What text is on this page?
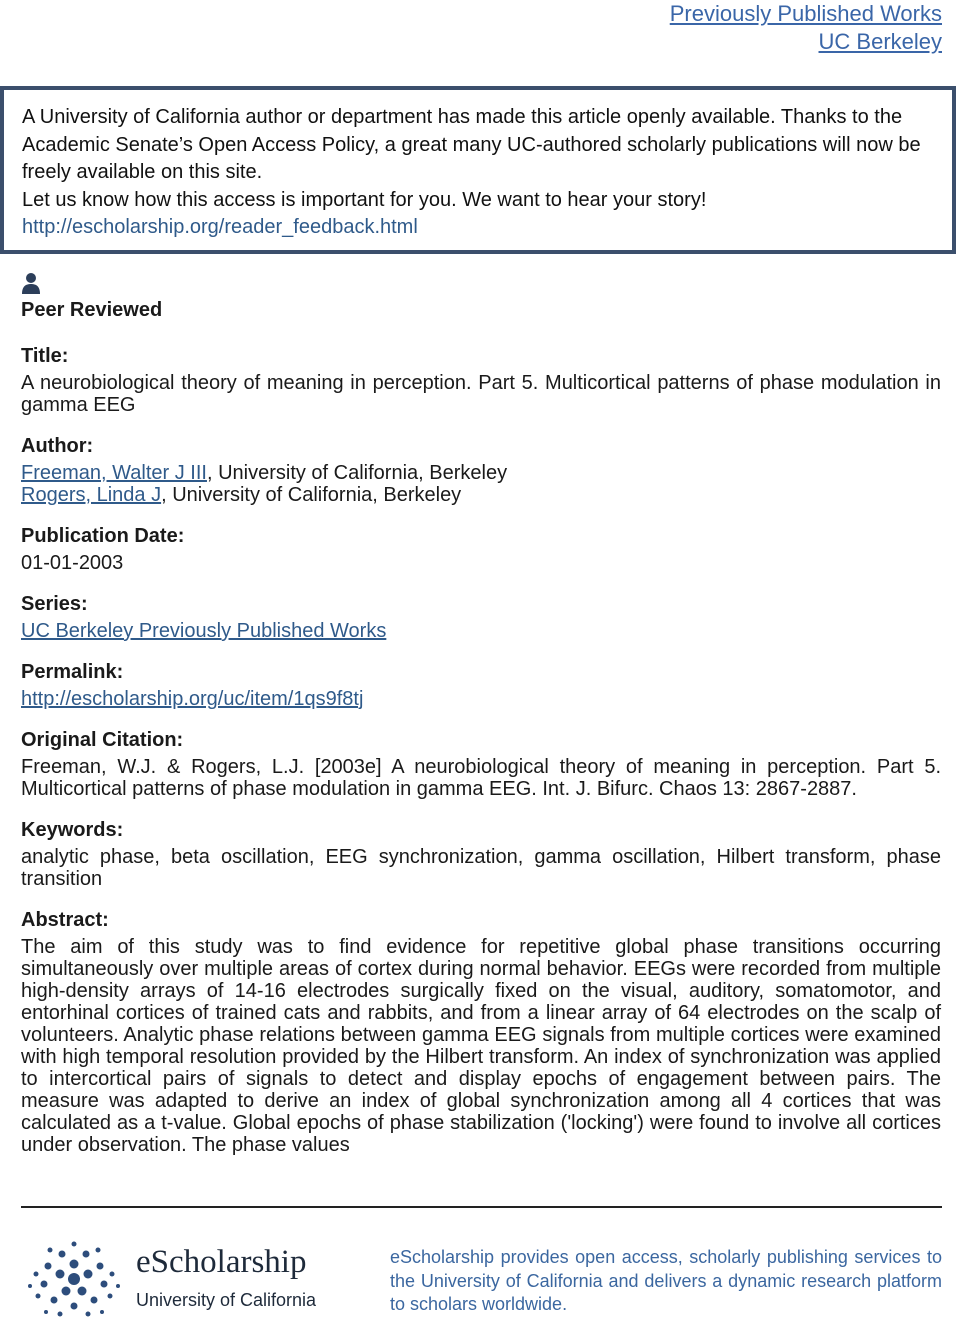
Previously Published Works
UC Berkeley
A University of California author or department has made this article openly available. Thanks to the Academic Senate’s Open Access Policy, a great many UC-authored scholarly publications will now be freely available on this site.
Let us know how this access is important for you. We want to hear your story!
http://escholarship.org/reader_feedback.html
Peer Reviewed
Title:
A neurobiological theory of meaning in perception. Part 5. Multicortical patterns of phase modulation in gamma EEG
Author:
Freeman, Walter J III, University of California, Berkeley
Rogers, Linda J, University of California, Berkeley
Publication Date:
01-01-2003
Series:
UC Berkeley Previously Published Works
Permalink:
http://escholarship.org/uc/item/1qs9f8tj
Original Citation:
Freeman, W.J. & Rogers, L.J. [2003e] A neurobiological theory of meaning in perception. Part 5. Multicortical patterns of phase modulation in gamma EEG. Int. J. Bifurc. Chaos 13: 2867-2887.
Keywords:
analytic phase, beta oscillation, EEG synchronization, gamma oscillation, Hilbert transform, phase transition
Abstract:
The aim of this study was to find evidence for repetitive global phase transitions occurring simultaneously over multiple areas of cortex during normal behavior. EEGs were recorded from multiple high-density arrays of 14-16 electrodes surgically fixed on the visual, auditory, somatomotor, and entorhinal cortices of trained cats and rabbits, and from a linear array of 64 electrodes on the scalp of volunteers. Analytic phase relations between gamma EEG signals from multiple cortices were examined with high temporal resolution provided by the Hilbert transform. An index of synchronization was applied to intercortical pairs of signals to detect and display epochs of engagement between pairs. The measure was adapted to derive an index of global synchronization among all 4 cortices that was calculated as a t-value. Global epochs of phase stabilization ('locking') were found to involve all cortices under observation. The phase values
eScholarship
University of California
eScholarship provides open access, scholarly publishing services to the University of California and delivers a dynamic research platform to scholars worldwide.
